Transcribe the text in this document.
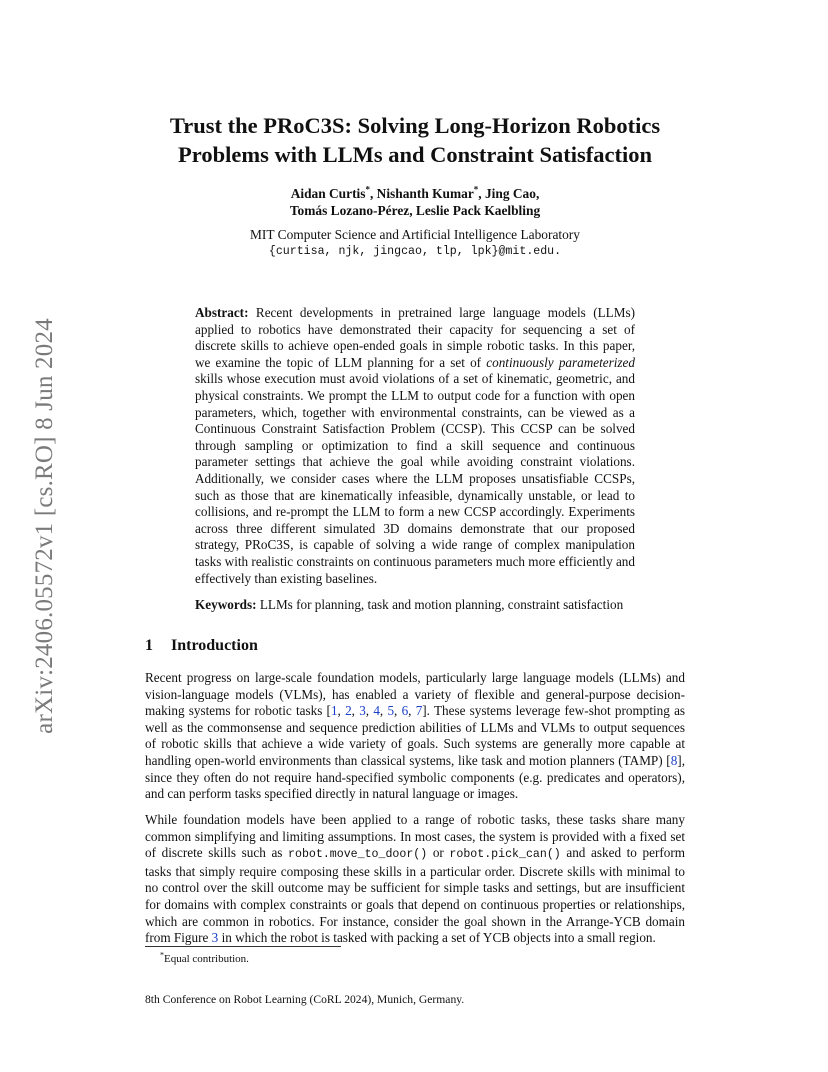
arXiv:2406.05572v1 [cs.RO] 8 Jun 2024
Trust the PRoC3S: Solving Long-Horizon Robotics
Problems with LLMs and Constraint Satisfaction
Aidan Curtis*, Nishanth Kumar*, Jing Cao,
Tomás Lozano-Pérez, Leslie Pack Kaelbling
MIT Computer Science and Artificial Intelligence Laboratory
{curtisa, njk, jingcao, tlp, lpk}@mit.edu.
Abstract: Recent developments in pretrained large language models (LLMs) applied to robotics have demonstrated their capacity for sequencing a set of discrete skills to achieve open-ended goals in simple robotic tasks. In this paper, we examine the topic of LLM planning for a set of continuously parameterized skills whose execution must avoid violations of a set of kinematic, geometric, and physical constraints. We prompt the LLM to output code for a function with open parameters, which, together with environmental constraints, can be viewed as a Continuous Constraint Satisfaction Problem (CCSP). This CCSP can be solved through sampling or optimization to find a skill sequence and continuous parameter settings that achieve the goal while avoiding constraint violations. Additionally, we consider cases where the LLM proposes unsatisfiable CCSPs, such as those that are kinematically infeasible, dynamically unstable, or lead to collisions, and re-prompt the LLM to form a new CCSP accordingly. Experiments across three different simulated 3D domains demonstrate that our proposed strategy, PRoC3S, is capable of solving a wide range of complex manipulation tasks with realistic constraints on continuous parameters much more efficiently and effectively than existing baselines.
Keywords: LLMs for planning, task and motion planning, constraint satisfaction
1 Introduction
Recent progress on large-scale foundation models, particularly large language models (LLMs) and vision-language models (VLMs), has enabled a variety of flexible and general-purpose decision-making systems for robotic tasks [1, 2, 3, 4, 5, 6, 7]. These systems leverage few-shot prompting as well as the commonsense and sequence prediction abilities of LLMs and VLMs to output sequences of robotic skills that achieve a wide variety of goals. Such systems are generally more capable at handling open-world environments than classical systems, like task and motion planners (TAMP) [8], since they often do not require hand-specified symbolic components (e.g. predicates and operators), and can perform tasks specified directly in natural language or images.
While foundation models have been applied to a range of robotic tasks, these tasks share many common simplifying and limiting assumptions. In most cases, the system is provided with a fixed set of discrete skills such as robot.move_to_door() or robot.pick_can() and asked to perform tasks that simply require composing these skills in a particular order. Discrete skills with minimal to no control over the skill outcome may be sufficient for simple tasks and settings, but are insufficient for domains with complex constraints or goals that depend on continuous properties or relationships, which are common in robotics. For instance, consider the goal shown in the Arrange-YCB domain from Figure 3 in which the robot is tasked with packing a set of YCB objects into a small region.
*Equal contribution.
8th Conference on Robot Learning (CoRL 2024), Munich, Germany.
